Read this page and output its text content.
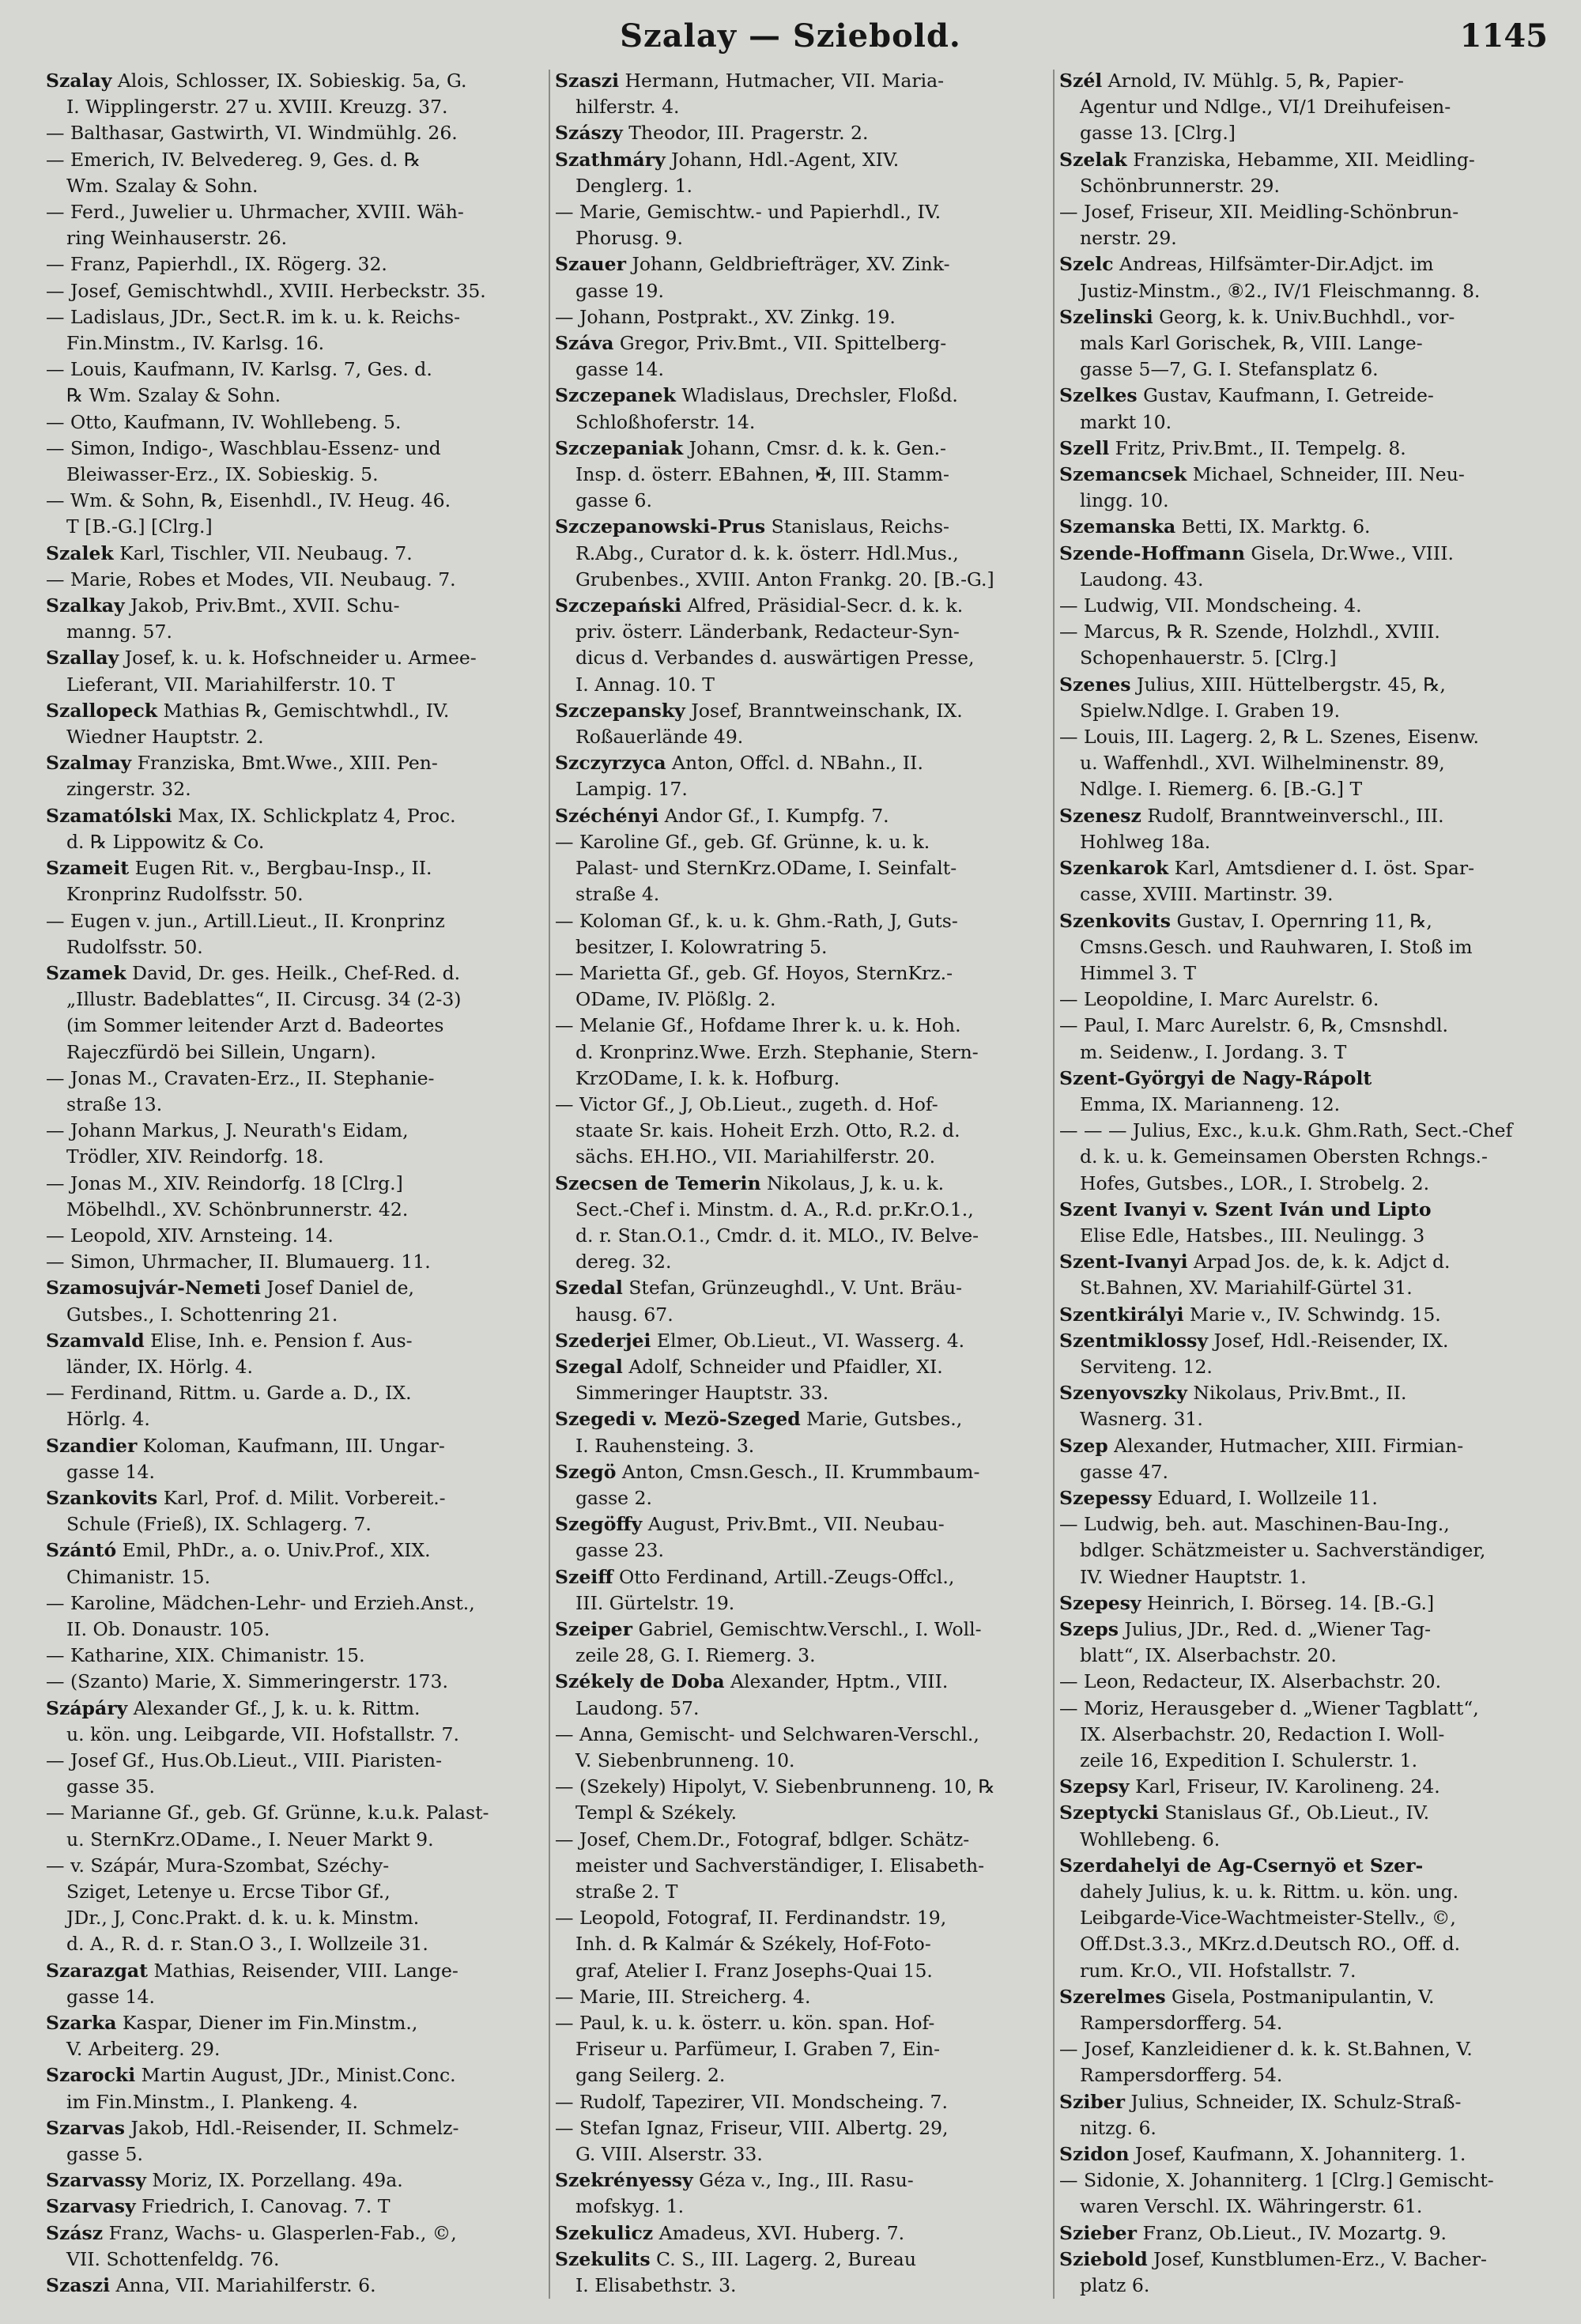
Szalay — Sziebold.	1145
Szalay Alois, Schlosser, IX. Sobieskig. 5a, G.
I. Wipplingerstr. 27 u. XVIII. Kreuzg. 37.
— Balthasar, Gastwirth, VI. Windmühlg. 26.
— Emerich, IV. Belvedereg. 9, Ges. d. ℞
Wm. Szalay & Sohn.
— Ferd., Juwelier u. Uhrmacher, XVIII. Wäh-
ring Weinhauserstr. 26.
— Franz, Papierhdl., IX. Rögerg. 32.
— Josef, Gemischtwhdl., XVIII. Herbeckstr. 35.
— Ladislaus, JDr., Sect.R. im k. u. k. Reichs-
Fin.Minstm., IV. Karlsg. 16.
— Louis, Kaufmann, IV. Karlsg. 7, Ges. d.
℞ Wm. Szalay & Sohn.
— Otto, Kaufmann, IV. Wohllebeng. 5.
— Simon, Indigo-, Waschblau-Essenz- und
Bleiwasser-Erz., IX. Sobieskig. 5.
— Wm. & Sohn, ℞, Eisenhdl., IV. Heug. 46.
T [B.-G.] [Clrg.]
Szalek Karl, Tischler, VII. Neubaug. 7.
— Marie, Robes et Modes, VII. Neubaug. 7.
Szalkay Jakob, Priv.Bmt., XVII. Schu-
manng. 57.
Szallay Josef, k. u. k. Hofschneider u. Armee-
Lieferant, VII. Mariahilferstr. 10. T
Szallopeck Mathias ℞, Gemischtwhdl., IV.
Wiedner Hauptstr. 2.
Szalmay Franziska, Bmt.Wwe., XIII. Pen-
zingerstr. 32.
Szamatólski Max, IX. Schlickplatz 4, Proc.
d. ℞ Lippowitz & Co.
Szameit Eugen Rit. v., Bergbau-Insp., II.
Kronprinz Rudolfsstr. 50.
— Eugen v. jun., Artill.Lieut., II. Kronprinz
Rudolfsstr. 50.
Szamek David, Dr. ges. Heilk., Chef-Red. d.
„Illustr. Badeblattes“, II. Circusg. 34 (2-3)
(im Sommer leitender Arzt d. Badeortes
Rajeczfürdö bei Sillein, Ungarn).
— Jonas M., Cravaten-Erz., II. Stephanie-
straße 13.
— Johann Markus, J. Neurath's Eidam,
Trödler, XIV. Reindorfg. 18.
— Jonas M., XIV. Reindorfg. 18 [Clrg.]
Möbelhdl., XV. Schönbrunnerstr. 42.
— Leopold, XIV. Arnsteing. 14.
— Simon, Uhrmacher, II. Blumauerg. 11.
Szamosujvár-Nemeti Josef Daniel de,
Gutsbes., I. Schottenring 21.
Szamvald Elise, Inh. e. Pension f. Aus-
länder, IX. Hörlg. 4.
— Ferdinand, Rittm. u. Garde a. D., IX.
Hörlg. 4.
Szandier Koloman, Kaufmann, III. Ungar-
gasse 14.
Szankovits Karl, Prof. d. Milit. Vorbereit.-
Schule (Frieß), IX. Schlagerg. 7.
Szántó Emil, PhDr., a. o. Univ.Prof., XIX.
Chimanistr. 15.
— Karoline, Mädchen-Lehr- und Erzieh.Anst.,
II. Ob. Donaustr. 105.
— Katharine, XIX. Chimanistr. 15.
— (Szanto) Marie, X. Simmeringerstr. 173.
Szápáry Alexander Gf., J, k. u. k. Rittm.
u. kön. ung. Leibgarde, VII. Hofstallstr. 7.
— Josef Gf., Hus.Ob.Lieut., VIII. Piaristen-
gasse 35.
— Marianne Gf., geb. Gf. Grünne, k.u.k. Palast-
u. SternKrz.ODame., I. Neuer Markt 9.
— v. Szápár, Mura-Szombat, Széchy-
Sziget, Letenye u. Ercse Tibor Gf.,
JDr., J, Conc.Prakt. d. k. u. k. Minstm.
d. A., R. d. r. Stan.O 3., I. Wollzeile 31.
Szarazgat Mathias, Reisender, VIII. Lange-
gasse 14.
Szarka Kaspar, Diener im Fin.Minstm.,
V. Arbeiterg. 29.
Szarocki Martin August, JDr., Minist.Conc.
im Fin.Minstm., I. Plankeng. 4.
Szarvas Jakob, Hdl.-Reisender, II. Schmelz-
gasse 5.
Szarvassy Moriz, IX. Porzellang. 49a.
Szarvasy Friedrich, I. Canovag. 7. T
Szász Franz, Wachs- u. Glasperlen-Fab., ©,
VII. Schottenfeldg. 76.
Szaszi Anna, VII. Mariahilferstr. 6.
Szaszi Hermann, Hutmacher, VII. Maria-
hilferstr. 4.
Szászy Theodor, III. Pragerstr. 2.
Szathmáry Johann, Hdl.-Agent, XIV.
Denglerg. 1.
— Marie, Gemischtw.- und Papierhdl., IV.
Phorusg. 9.
Szauer Johann, Geldbriefträger, XV. Zink-
gasse 19.
— Johann, Postprakt., XV. Zinkg. 19.
Száva Gregor, Priv.Bmt., VII. Spittelberg-
gasse 14.
Szczepanek Wladislaus, Drechsler, Floßd.
Schloßhoferstr. 14.
Szczepaniak Johann, Cmsr. d. k. k. Gen.-
Insp. d. österr. EBahnen, ✠, III. Stamm-
gasse 6.
Szczepanowski-Prus Stanislaus, Reichs-
R.Abg., Curator d. k. k. österr. Hdl.Mus.,
Grubenbes., XVIII. Anton Frankg. 20. [B.-G.]
Szczepański Alfred, Präsidial-Secr. d. k. k.
priv. österr. Länderbank, Redacteur-Syn-
dicus d. Verbandes d. auswärtigen Presse,
I. Annag. 10. T
Szczepansky Josef, Branntweinschank, IX.
Roßauerlände 49.
Szczyrzyca Anton, Offcl. d. NBahn., II.
Lampig. 17.
Széchényi Andor Gf., I. Kumpfg. 7.
— Karoline Gf., geb. Gf. Grünne, k. u. k.
Palast- und SternKrz.ODame, I. Seinfalt-
straße 4.
— Koloman Gf., k. u. k. Ghm.-Rath, J, Guts-
besitzer, I. Kolowratring 5.
— Marietta Gf., geb. Gf. Hoyos, SternKrz.-
ODame, IV. Plößlg. 2.
— Melanie Gf., Hofdame Ihrer k. u. k. Hoh.
d. Kronprinz.Wwe. Erzh. Stephanie, Stern-
KrzODame, I. k. k. Hofburg.
— Victor Gf., J, Ob.Lieut., zugeth. d. Hof-
staate Sr. kais. Hoheit Erzh. Otto, R.2. d.
sächs. EH.HO., VII. Mariahilferstr. 20.
Szecsen de Temerin Nikolaus, J, k. u. k.
Sect.-Chef i. Minstm. d. A., R.d. pr.Kr.O.1.,
d. r. Stan.O.1., Cmdr. d. it. MLO., IV. Belve-
dereg. 32.
Szedal Stefan, Grünzeughdl., V. Unt. Bräu-
hausg. 67.
Szederjei Elmer, Ob.Lieut., VI. Wasserg. 4.
Szegal Adolf, Schneider und Pfaidler, XI.
Simmeringer Hauptstr. 33.
Szegedi v. Mezö-Szeged Marie, Gutsbes.,
I. Rauhensteing. 3.
Szegö Anton, Cmsn.Gesch., II. Krummbaum-
gasse 2.
Szegöffy August, Priv.Bmt., VII. Neubau-
gasse 23.
Szeiff Otto Ferdinand, Artill.-Zeugs-Offcl.,
III. Gürtelstr. 19.
Szeiper Gabriel, Gemischtw.Verschl., I. Woll-
zeile 28, G. I. Riemerg. 3.
Székely de Doba Alexander, Hptm., VIII.
Laudong. 57.
— Anna, Gemischt- und Selchwaren-Verschl.,
V. Siebenbrunneng. 10.
— (Szekely) Hipolyt, V. Siebenbrunneng. 10, ℞
Templ & Székely.
— Josef, Chem.Dr., Fotograf, bdlger. Schätz-
meister und Sachverständiger, I. Elisabeth-
straße 2. T
— Leopold, Fotograf, II. Ferdinandstr. 19,
Inh. d. ℞ Kalmár & Székely, Hof-Foto-
graf, Atelier I. Franz Josephs-Quai 15.
— Marie, III. Streicherg. 4.
— Paul, k. u. k. österr. u. kön. span. Hof-
Friseur u. Parfümeur, I. Graben 7, Ein-
gang Seilerg. 2.
— Rudolf, Tapezirer, VII. Mondscheing. 7.
— Stefan Ignaz, Friseur, VIII. Albertg. 29,
G. VIII. Alserstr. 33.
Szekrényessy Géza v., Ing., III. Rasu-
mofskyg. 1.
Szekulicz Amadeus, XVI. Huberg. 7.
Szekulits C. S., III. Lagerg. 2, Bureau
I. Elisabethstr. 3.
Szél Arnold, IV. Mühlg. 5, ℞, Papier-
Agentur und Ndlge., VI/1 Dreihufeisen-
gasse 13. [Clrg.]
Szelak Franziska, Hebamme, XII. Meidling-
Schönbrunnerstr. 29.
— Josef, Friseur, XII. Meidling-Schönbrun-
nerstr. 29.
Szelc Andreas, Hilfsämter-Dir.Adjct. im
Justiz-Minstm., ⑧2., IV/1 Fleischmanng. 8.
Szelinski Georg, k. k. Univ.Buchhdl., vor-
mals Karl Gorischek, ℞, VIII. Lange-
gasse 5—7, G. I. Stefansplatz 6.
Szelkes Gustav, Kaufmann, I. Getreide-
markt 10.
Szell Fritz, Priv.Bmt., II. Tempelg. 8.
Szemancsek Michael, Schneider, III. Neu-
lingg. 10.
Szemanska Betti, IX. Marktg. 6.
Szende-Hoffmann Gisela, Dr.Wwe., VIII.
Laudong. 43.
— Ludwig, VII. Mondscheing. 4.
— Marcus, ℞ R. Szende, Holzhdl., XVIII.
Schopenhauerstr. 5. [Clrg.]
Szenes Julius, XIII. Hüttelbergstr. 45, ℞,
Spielw.Ndlge. I. Graben 19.
— Louis, III. Lagerg. 2, ℞ L. Szenes, Eisenw.
u. Waffenhdl., XVI. Wilhelminenstr. 89,
Ndlge. I. Riemerg. 6. [B.-G.] T
Szenesz Rudolf, Branntweinverschl., III.
Hohlweg 18a.
Szenkarok Karl, Amtsdiener d. I. öst. Spar-
casse, XVIII. Martinstr. 39.
Szenkovits Gustav, I. Opernring 11, ℞,
Cmsns.Gesch. und Rauhwaren, I. Stoß im
Himmel 3. T
— Leopoldine, I. Marc Aurelstr. 6.
— Paul, I. Marc Aurelstr. 6, ℞, Cmsnshdl.
m. Seidenw., I. Jordang. 3. T
Szent-Györgyi de Nagy-Rápolt
Emma, IX. Marianneng. 12.
— — — Julius, Exc., k.u.k. Ghm.Rath, Sect.-Chef
d. k. u. k. Gemeinsamen Obersten Rchngs.-
Hofes, Gutsbes., LOR., I. Strobelg. 2.
Szent Ivanyi v. Szent Iván und Lipto
Elise Edle, Hatsbes., III. Neulingg. 3
Szent-Ivanyi Arpad Jos. de, k. k. Adjct d.
St.Bahnen, XV. Mariahilf-Gürtel 31.
Szentkirályi Marie v., IV. Schwindg. 15.
Szentmiklossy Josef, Hdl.-Reisender, IX.
Serviteng. 12.
Szenyovszky Nikolaus, Priv.Bmt., II.
Wasnerg. 31.
Szep Alexander, Hutmacher, XIII. Firmian-
gasse 47.
Szepessy Eduard, I. Wollzeile 11.
— Ludwig, beh. aut. Maschinen-Bau-Ing.,
bdlger. Schätzmeister u. Sachverständiger,
IV. Wiedner Hauptstr. 1.
Szepesy Heinrich, I. Börseg. 14. [B.-G.]
Szeps Julius, JDr., Red. d. „Wiener Tag-
blatt“, IX. Alserbachstr. 20.
— Leon, Redacteur, IX. Alserbachstr. 20.
— Moriz, Herausgeber d. „Wiener Tagblatt“,
IX. Alserbachstr. 20, Redaction I. Woll-
zeile 16, Expedition I. Schulerstr. 1.
Szepsy Karl, Friseur, IV. Karolineng. 24.
Szeptycki Stanislaus Gf., Ob.Lieut., IV.
Wohllebeng. 6.
Szerdahelyi de Ag-Csernyö et Szer-
dahely Julius, k. u. k. Rittm. u. kön. ung.
Leibgarde-Vice-Wachtmeister-Stellv., ©,
Off.Dst.3.3., MKrz.d.Deutsch RO., Off. d.
rum. Kr.O., VII. Hofstallstr. 7.
Szerelmes Gisela, Postmanipulantin, V.
Rampersdorfferg. 54.
— Josef, Kanzleidiener d. k. k. St.Bahnen, V.
Rampersdorfferg. 54.
Sziber Julius, Schneider, IX. Schulz-Straß-
nitzg. 6.
Szidon Josef, Kaufmann, X. Johanniterg. 1.
— Sidonie, X. Johanniterg. 1 [Clrg.] Gemischt-
waren Verschl. IX. Währingerstr. 61.
Szieber Franz, Ob.Lieut., IV. Mozartg. 9.
Sziebold Josef, Kunstblumen-Erz., V. Bacher-
platz 6.
